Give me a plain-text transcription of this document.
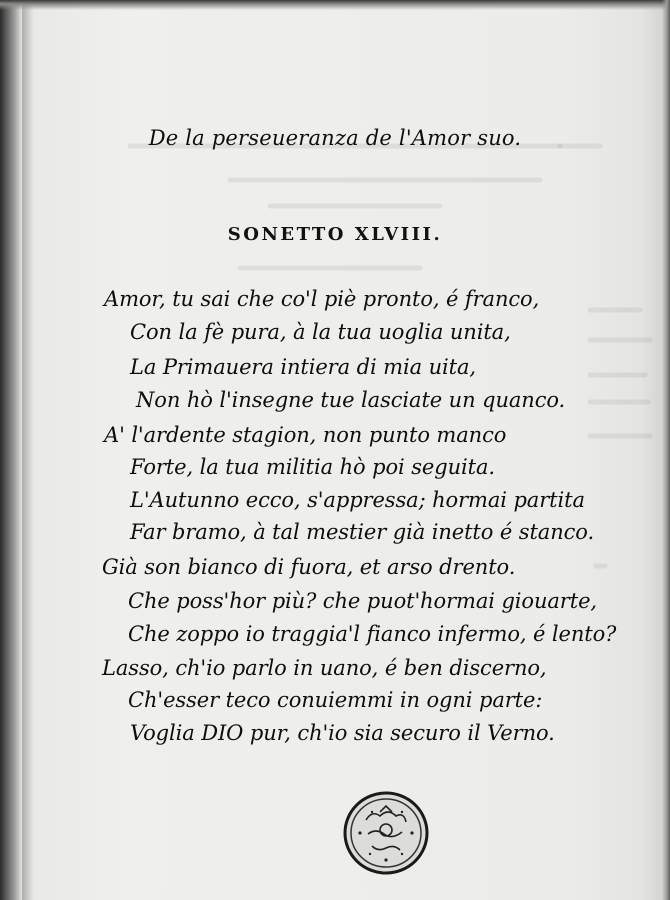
De la perseueranza de l'Amor suo.
SONETTO XLVIII.
Amor, tu sai che co'l piè pronto, é franco,
Con la fè pura, à la tua uoglia unita,
La Primauera intiera di mia uita,
Non hò l'insegne tue lasciate un quanco.
A' l'ardente stagion, non punto manco
Forte, la tua militia hò poi seguita.
L'Autunno ecco, s'appressa; hormai partita
Far bramo, à tal mestier già inetto é stanco.
Già son bianco di fuora, et arso drento.
Che poss'hor più? che puot'hormai giouarte,
Che zoppo io traggia'l fianco infermo, é lento?
Lasso, ch'io parlo in uano, é ben discerno,
Ch'esser teco conuiemmi in ogni parte:
Voglia DIO pur, ch'io sia securo il Verno.
